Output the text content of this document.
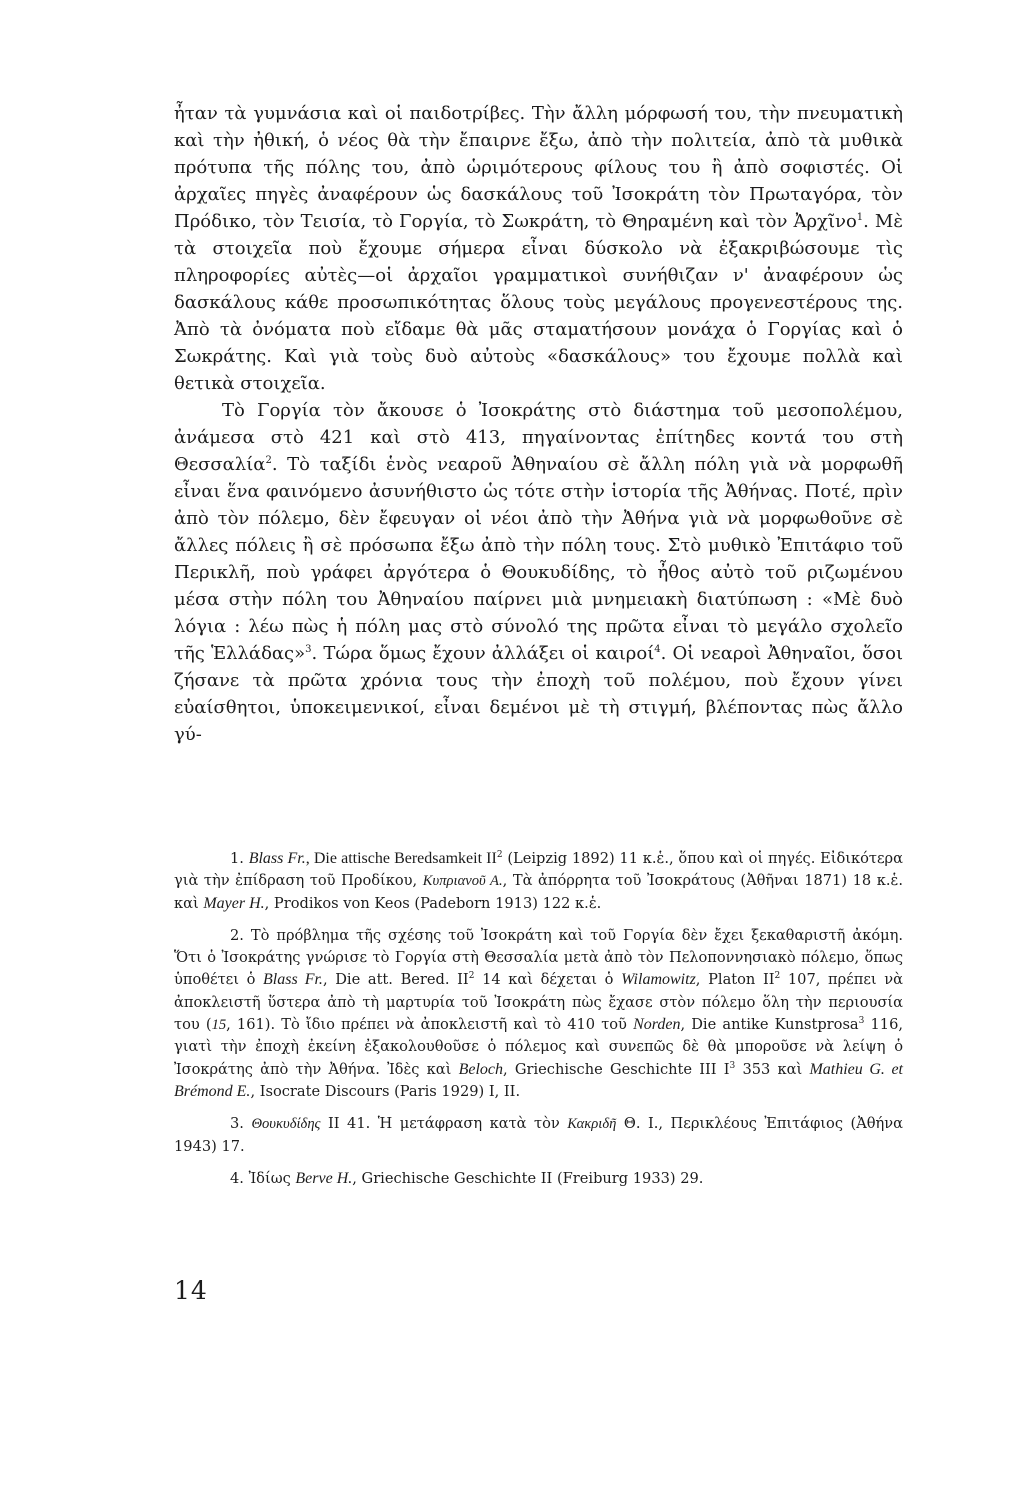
ἦταν τὰ γυμνάσια καὶ οἱ παιδοτρίβες. Τὴν ἄλλη μόρφωσή του, τὴν πνευματικὴ καὶ τὴν ἠθική, ὁ νέος θὰ τὴν ἔπαιρνε ἔξω, ἀπὸ τὴν πολιτεία, ἀπὸ τὰ μυθικὰ πρότυπα τῆς πόλης του, ἀπὸ ὡριμότερους φίλους του ἢ ἀπὸ σοφιστές. Οἱ ἀρχαῖες πηγὲς ἀναφέρουν ὡς δασκάλους τοῦ Ἰσοκράτη τὸν Πρωταγόρα, τὸν Πρόδικο, τὸν Τεισία, τὸ Γοργία, τὸ Σωκράτη, τὸ Θηραμένη καὶ τὸν Ἀρχῖνο$^1$. Μὲ τὰ στοιχεῖα ποὺ ἔχουμε σήμερα εἶναι δύσκολο νὰ ἐξακριβώσουμε τὶς πληροφορίες αὐτὲς—οἱ ἀρχαῖοι γραμματικοὶ συνήθιζαν ν' ἀναφέρουν ὡς δασκάλους κάθε προσωπικότητας ὅλους τοὺς μεγάλους προγενεστέρους της. Ἀπὸ τὰ ὀνόματα ποὺ εἴδαμε θὰ μᾶς σταματήσουν μονάχα ὁ Γοργίας καὶ ὁ Σωκράτης. Καὶ γιὰ τοὺς δυὸ αὐτοὺς «δασκάλους» του ἔχουμε πολλὰ καὶ θετικὰ στοιχεῖα.

Τὸ Γοργία τὸν ἄκουσε ὁ Ἰσοκράτης στὸ διάστημα τοῦ μεσοπολέμου, ἀνάμεσα στὸ 421 καὶ στὸ 413, πηγαίνοντας ἐπίτηδες κοντά του στὴ Θεσσαλία$^2$. Τὸ ταξίδι ἑνὸς νεαροῦ Ἀθηναίου σὲ ἄλλη πόλη γιὰ νὰ μορφωθῆ εἶναι ἕνα φαινόμενο ἀσυνήθιστο ὡς τότε στὴν ἱστορία τῆς Ἀθήνας. Ποτέ, πρὶν ἀπὸ τὸν πόλεμο, δὲν ἔφευγαν οἱ νέοι ἀπὸ τὴν Ἀθήνα γιὰ νὰ μορφωθοῦνε σὲ ἄλλες πόλεις ἢ σὲ πρόσωπα ἔξω ἀπὸ τὴν πόλη τους. Στὸ μυθικὸ Ἐπιτάφιο τοῦ Περικλῆ, ποὺ γράφει ἀργότερα ὁ Θουκυδίδης, τὸ ἦθος αὐτὸ τοῦ ριζωμένου μέσα στὴν πόλη του Ἀθηναίου παίρνει μιὰ μνημειακὴ διατύπωση : «Μὲ δυὸ λόγια : λέω πὼς ἡ πόλη μας στὸ σύνολό της πρῶτα εἶναι τὸ μεγάλο σχολεῖο τῆς Ἑλλάδας»$^3$. Τώρα ὅμως ἔχουν ἀλλάξει οἱ καιροί$^4$. Οἱ νεαροὶ Ἀθηναῖοι, ὅσοι ζήσανε τὰ πρῶτα χρόνια τους τὴν ἐποχὴ τοῦ πολέμου, ποὺ ἔχουν γίνει εὐαίσθητοι, ὑποκειμενικοί, εἶναι δεμένοι μὲ τὴ στιγμή, βλέποντας πὼς ἄλλο γύ-

1. Blass Fr., Die attische Beredsamkeit $II^2$ (Leipzig 1892) 11 κ.ἑ., ὅπου καὶ οἱ πηγές. Εἰδικότερα γιὰ τὴν ἐπίδραση τοῦ Προδίκου, Κυπριανοῦ Α., Τὰ ἀπόρρητα τοῦ Ἰσοκράτους (Ἀθῆναι 1871) 18 κ.ἑ. καὶ Mayer H., Prodikos von Keos (Padeborn 1913) 122 κ.ἑ.

2. Τὸ πρόβλημα τῆς σχέσης τοῦ Ἰσοκράτη καὶ τοῦ Γοργία δὲν ἔχει ξεκαθαριστῆ ἀκόμη. Ὅτι ὁ Ἰσοκράτης γνώρισε τὸ Γοργία στὴ Θεσσαλία μετὰ ἀπὸ τὸν Πελοποννησιακὸ πόλεμο, ὅπως ὑποθέτει ὁ Blass Fr., Die att. Bered. $II^2$ 14 καὶ δέχεται ὁ Wilamowitz, Platon $II^2$ 107, πρέπει νὰ ἀποκλειστῆ ὕστερα ἀπὸ τὴ μαρτυρία τοῦ Ἰσοκράτη πὼς ἔχασε στὸν πόλεμο ὅλη τὴν περιουσία του (15, 161). Τὸ ἴδιο πρέπει νὰ ἀποκλειστῆ καὶ τὸ 410 τοῦ Norden, Die antike Kunstprosa$^3$ 116, γιατὶ τὴν ἐποχὴ ἐκείνη ἐξακολουθοῦσε ὁ πόλεμος καὶ συνεπῶς δὲ θὰ μποροῦσε νὰ λείψη ὁ Ἰσοκράτης ἀπὸ τὴν Ἀθήνα. Ἰδὲς καὶ Beloch, Griechische Geschichte III $I^3$ 353 καὶ Mathieu G. et Brémond E., Isocrate Discours (Paris 1929) I, II.

3. Θουκυδίδης II 41. Ἡ μετάφραση κατὰ τὸν Κακριδῆ Θ. Ι., Περικλέους Ἐπιτάφιος (Ἀθήνα 1943) 17.

4. Ἰδίως Berve H., Griechische Geschichte II (Freiburg 1933) 29.

14
